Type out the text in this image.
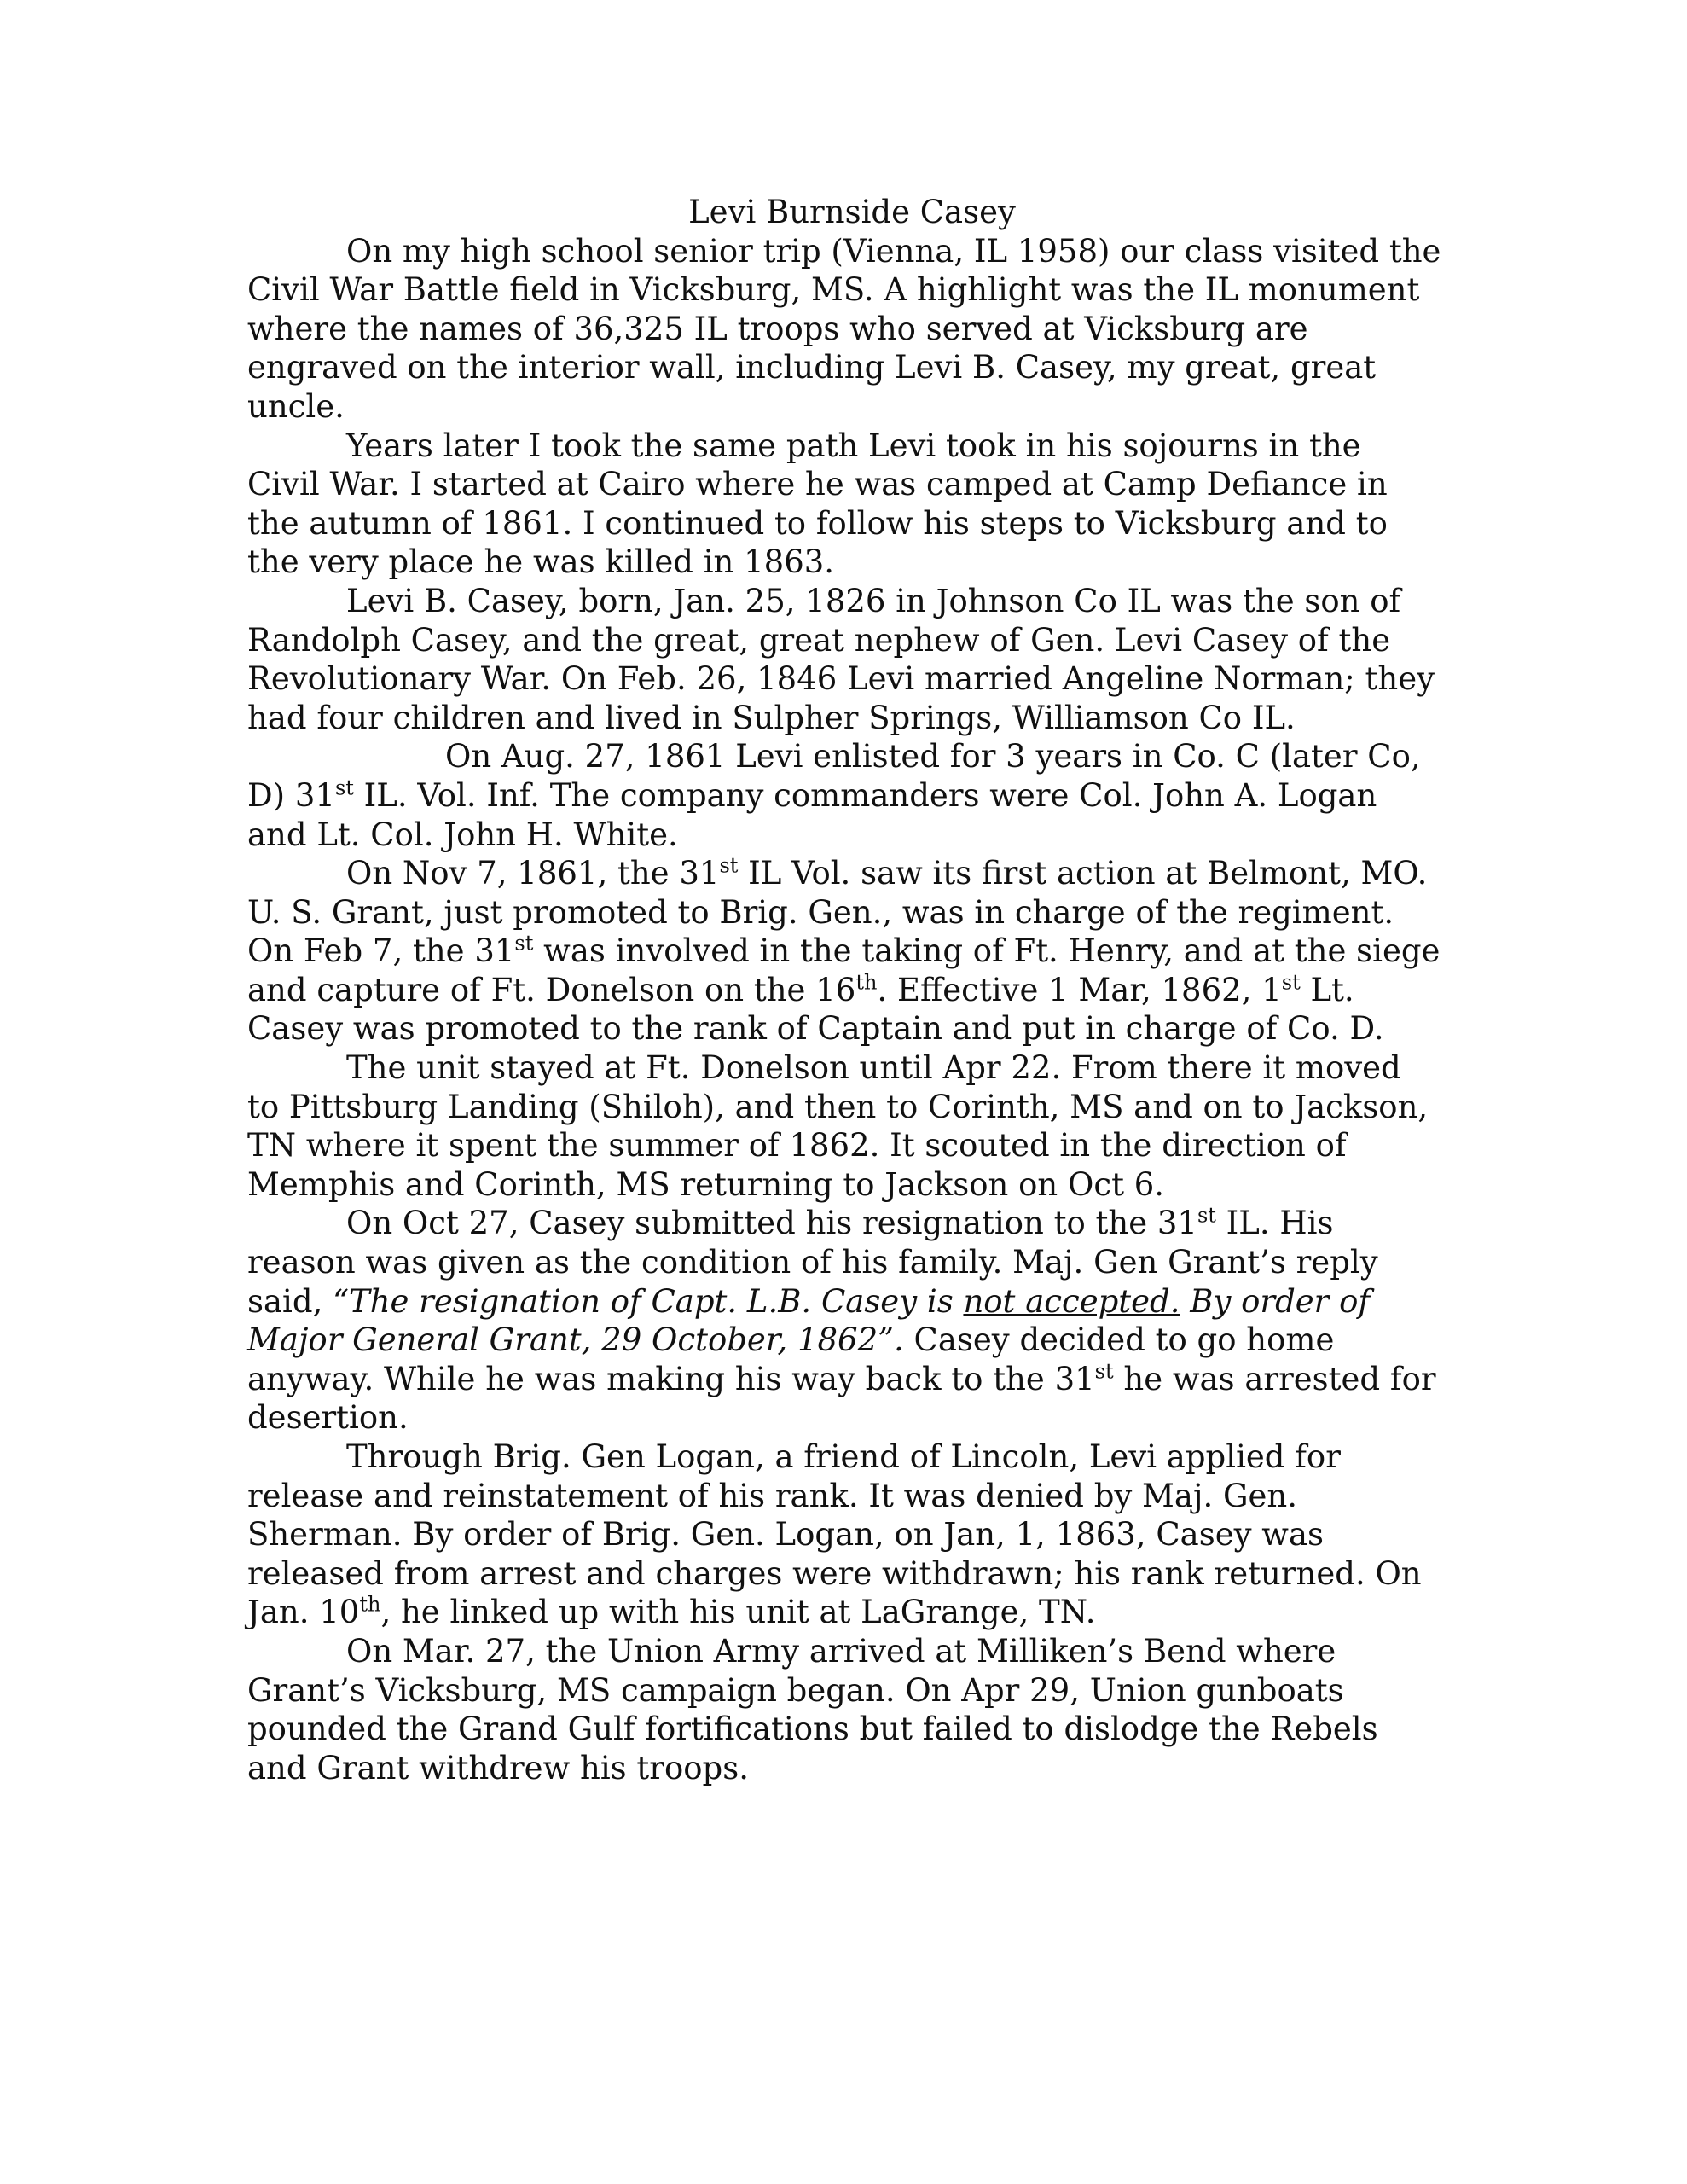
Levi Burnside Casey

On my high school senior trip (Vienna, IL 1958) our class visited the Civil War Battle field in Vicksburg, MS. A highlight was the IL monument where the names of 36,325 IL troops who served at Vicksburg are engraved on the interior wall, including Levi B. Casey, my great, great uncle.

Years later I took the same path Levi took in his sojourns in the Civil War. I started at Cairo where he was camped at Camp Defiance in the autumn of 1861. I continued to follow his steps to Vicksburg and to the very place he was killed in 1863.

Levi B. Casey, born, Jan. 25, 1826 in Johnson Co IL was the son of Randolph Casey, and the great, great nephew of Gen. Levi Casey of the Revolutionary War. On Feb. 26, 1846 Levi married Angeline Norman; they had four children and lived in Sulpher Springs, Williamson Co IL.

On Aug. 27, 1861 Levi enlisted for 3 years in Co. C (later Co, D) 31st IL. Vol. Inf. The company commanders were Col. John A. Logan and Lt. Col. John H. White.

On Nov 7, 1861, the 31st IL Vol. saw its first action at Belmont, MO. U. S. Grant, just promoted to Brig. Gen., was in charge of the regiment. On Feb 7, the 31st was involved in the taking of Ft. Henry, and at the siege and capture of Ft. Donelson on the 16th. Effective 1 Mar, 1862, 1st Lt. Casey was promoted to the rank of Captain and put in charge of Co. D.

The unit stayed at Ft. Donelson until Apr 22. From there it moved to Pittsburg Landing (Shiloh), and then to Corinth, MS and on to Jackson, TN where it spent the summer of 1862. It scouted in the direction of Memphis and Corinth, MS returning to Jackson on Oct 6.

On Oct 27, Casey submitted his resignation to the 31st IL. His reason was given as the condition of his family. Maj. Gen Grant’s reply said, “The resignation of Capt. L.B. Casey is not accepted. By order of Major General Grant, 29 October, 1862”. Casey decided to go home anyway. While he was making his way back to the 31st he was arrested for desertion.

Through Brig. Gen Logan, a friend of Lincoln, Levi applied for release and reinstatement of his rank. It was denied by Maj. Gen. Sherman. By order of Brig. Gen. Logan, on Jan, 1, 1863, Casey was released from arrest and charges were withdrawn; his rank returned. On Jan. 10th, he linked up with his unit at LaGrange, TN.

On Mar. 27, the Union Army arrived at Milliken’s Bend where Grant’s Vicksburg, MS campaign began. On Apr 29, Union gunboats pounded the Grand Gulf fortifications but failed to dislodge the Rebels and Grant withdrew his troops.
